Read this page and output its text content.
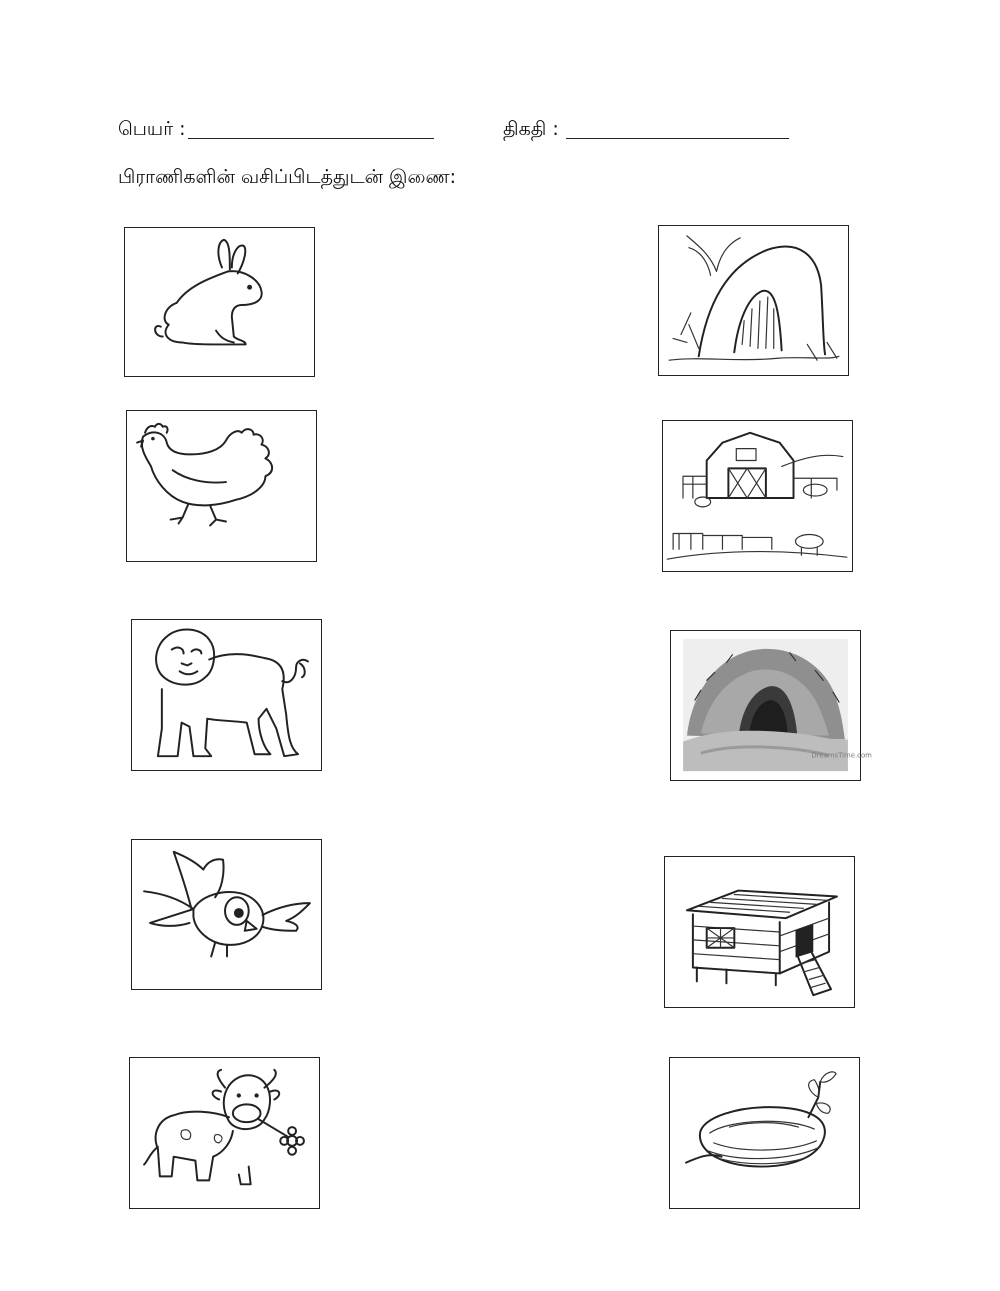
பெயர் :	திகதி :
பிராணிகளின் வசிப்பிடத்துடன் இணை:
DreamsTime.com
